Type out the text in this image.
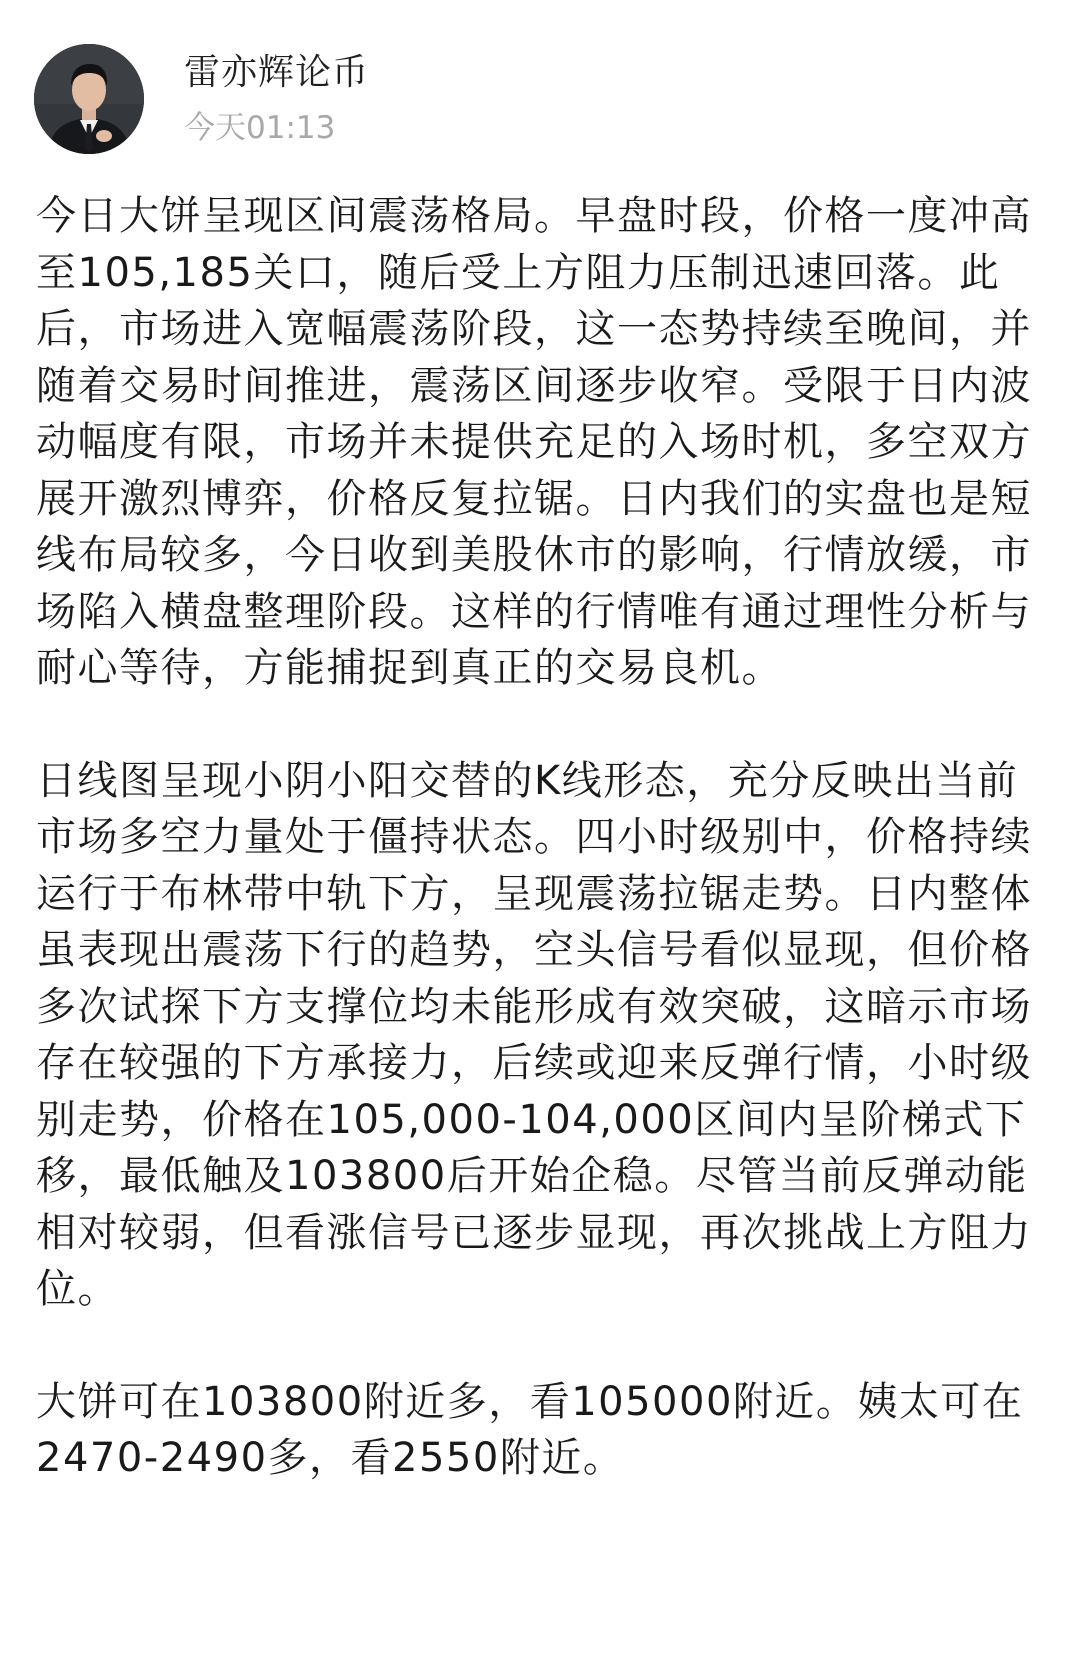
雷亦辉论币
今天01:13

今日大饼呈现区间震荡格局。早盘时段，价格一度冲高至105,185关口，随后受上方阻力压制迅速回落。此后，市场进入宽幅震荡阶段，这一态势持续至晚间，并随着交易时间推进，震荡区间逐步收窄。受限于日内波动幅度有限，市场并未提供充足的入场时机，多空双方展开激烈博弈，价格反复拉锯。日内我们的实盘也是短线布局较多，今日收到美股休市的影响，行情放缓，市场陷入横盘整理阶段。这样的行情唯有通过理性分析与耐心等待，方能捕捉到真正的交易良机。

日线图呈现小阴小阳交替的K线形态，充分反映出当前市场多空力量处于僵持状态。四小时级别中，价格持续运行于布林带中轨下方，呈现震荡拉锯走势。日内整体虽表现出震荡下行的趋势，空头信号看似显现，但价格多次试探下方支撑位均未能形成有效突破，这暗示市场存在较强的下方承接力，后续或迎来反弹行情，小时级别走势，价格在105,000-104,000区间内呈阶梯式下移，最低触及103800后开始企稳。尽管当前反弹动能相对较弱，但看涨信号已逐步显现，再次挑战上方阻力位。

大饼可在103800附近多，看105000附近。姨太可在2470-2490多，看2550附近。
